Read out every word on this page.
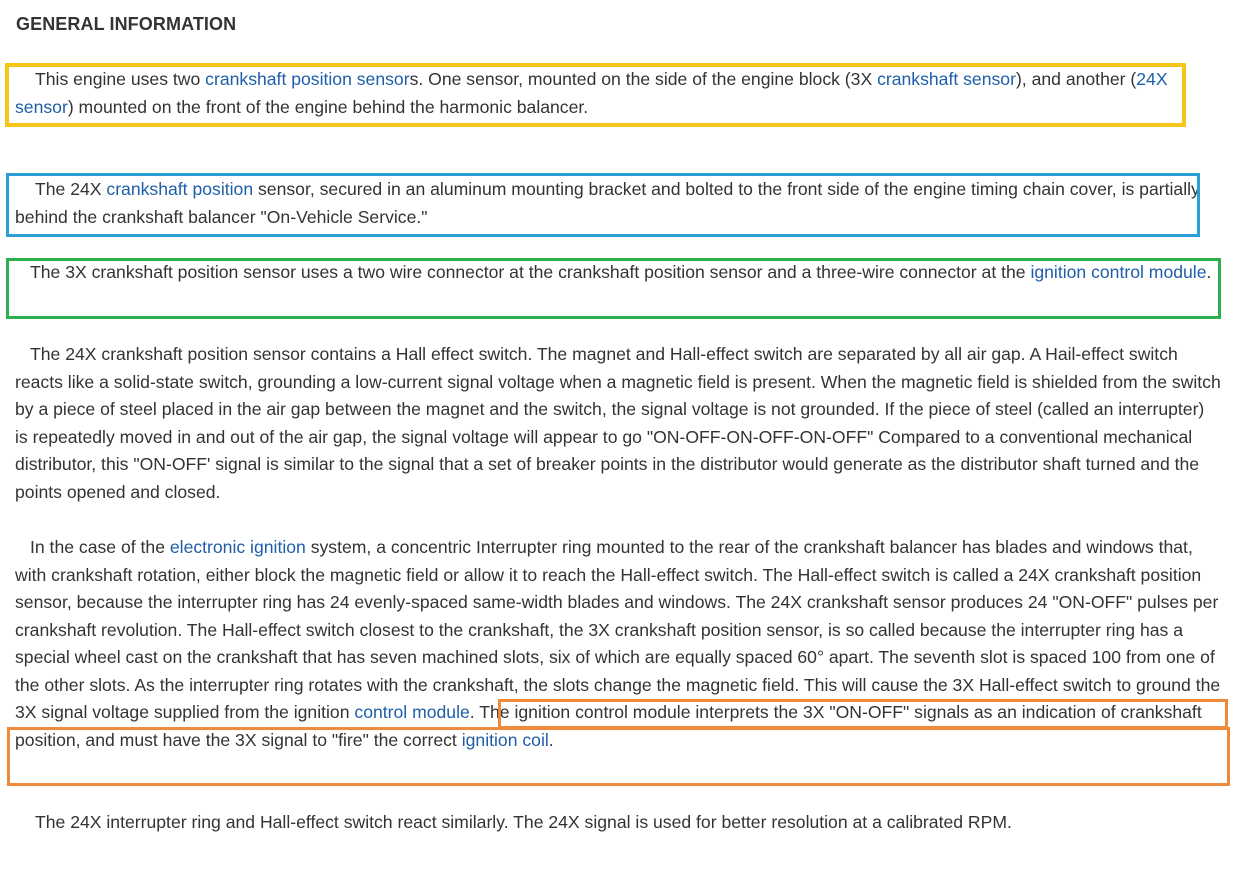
GENERAL INFORMATION

This engine uses two crankshaft position sensors. One sensor, mounted on the side of the engine block (3X crankshaft sensor), and another (24X sensor) mounted on the front of the engine behind the harmonic balancer.

The 24X crankshaft position sensor, secured in an aluminum mounting bracket and bolted to the front side of the engine timing chain cover, is partially behind the crankshaft balancer "On-Vehicle Service."

The 3X crankshaft position sensor uses a two wire connector at the crankshaft position sensor and a three-wire connector at the ignition control module.

The 24X crankshaft position sensor contains a Hall effect switch. The magnet and Hall-effect switch are separated by all air gap. A Hail-effect switch reacts like a solid-state switch, grounding a low-current signal voltage when a magnetic field is present. When the magnetic field is shielded from the switch by a piece of steel placed in the air gap between the magnet and the switch, the signal voltage is not grounded. If the piece of steel (called an interrupter) is repeatedly moved in and out of the air gap, the signal voltage will appear to go "ON-OFF-ON-OFF-ON-OFF" Compared to a conventional mechanical distributor, this "ON-OFF' signal is similar to the signal that a set of breaker points in the distributor would generate as the distributor shaft turned and the points opened and closed.

In the case of the electronic ignition system, a concentric Interrupter ring mounted to the rear of the crankshaft balancer has blades and windows that, with crankshaft rotation, either block the magnetic field or allow it to reach the Hall-effect switch. The Hall-effect switch is called a 24X crankshaft position sensor, because the interrupter ring has 24 evenly-spaced same-width blades and windows. The 24X crankshaft sensor produces 24 "ON-OFF" pulses per crankshaft revolution. The Hall-effect switch closest to the crankshaft, the 3X crankshaft position sensor, is so called because the interrupter ring has a special wheel cast on the crankshaft that has seven machined slots, six of which are equally spaced 60° apart. The seventh slot is spaced 100 from one of the other slots. As the interrupter ring rotates with the crankshaft, the slots change the magnetic field. This will cause the 3X Hall-effect switch to ground the 3X signal voltage supplied from the ignition control module. The ignition control module interprets the 3X "ON-OFF" signals as an indication of crankshaft position, and must have the 3X signal to "fire" the correct ignition coil.

The 24X interrupter ring and Hall-effect switch react similarly. The 24X signal is used for better resolution at a calibrated RPM.
